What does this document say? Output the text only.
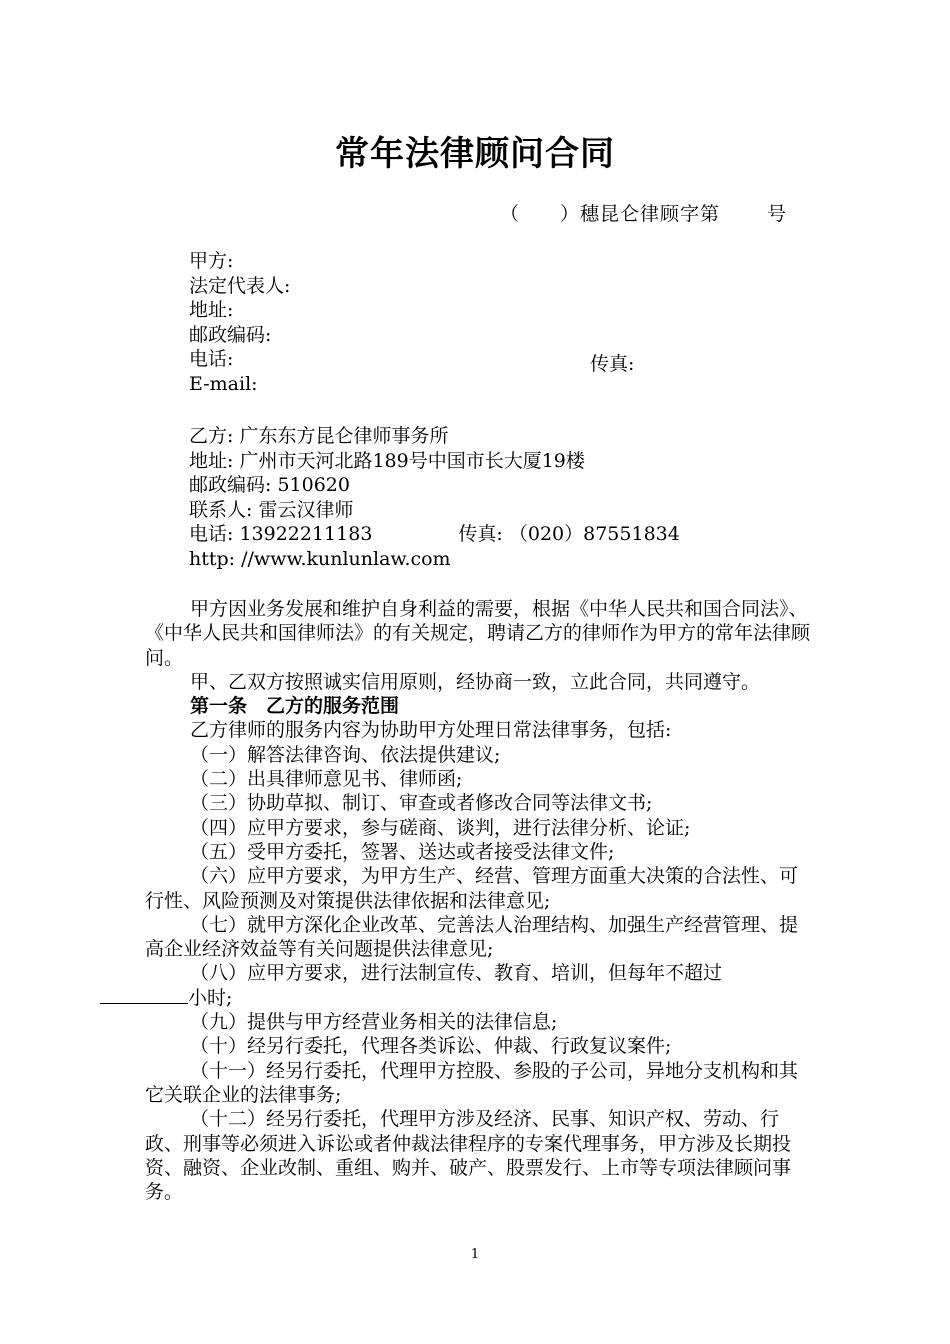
常年法律顾问合同
（　　）穗昆仑律顾字第　　 号
甲方:
法定代表人:
地址:
邮政编码:
电话:
E-mail:
传真:
乙方: 广东东方昆仑律师事务所
地址: 广州市天河北路189号中国市长大厦19楼
邮政编码: 510620
联系人: 雷云汉律师
电话: 13922211183	传真: （020）87551834
http: //www.kunlunlaw.com

甲方因业务发展和维护自身利益的需要，根据《中华人民共和国合同法》、《中华人民共和国律师法》的有关规定，聘请乙方的律师作为甲方的常年法律顾问。

甲、乙双方按照诚实信用原则，经协商一致，立此合同，共同遵守。

第一条　乙方的服务范围

乙方律师的服务内容为协助甲方处理日常法律事务，包括:

（一）解答法律咨询、依法提供建议;

（二）出具律师意见书、律师函;

（三）协助草拟、制订、审查或者修改合同等法律文书;

（四）应甲方要求，参与磋商、谈判，进行法律分析、论证;

（五）受甲方委托，签署、送达或者接受法律文件;

（六）应甲方要求，为甲方生产、经营、管理方面重大决策的合法性、可行性、风险预测及对策提供法律依据和法律意见;

（七）就甲方深化企业改革、完善法人治理结构、加强生产经营管理、提高企业经济效益等有关问题提供法律意见;

（八）应甲方要求，进行法制宣传、教育、培训，但每年不超过
小时;

（九）提供与甲方经营业务相关的法律信息;

（十）经另行委托，代理各类诉讼、仲裁、行政复议案件;

（十一）经另行委托，代理甲方控股、参股的子公司，异地分支机构和其它关联企业的法律事务;

（十二）经另行委托，代理甲方涉及经济、民事、知识产权、劳动、行政、刑事等必须进入诉讼或者仲裁法律程序的专案代理事务，甲方涉及长期投资、融资、企业改制、重组、购并、破产、股票发行、上市等专项法律顾问事务。

1
